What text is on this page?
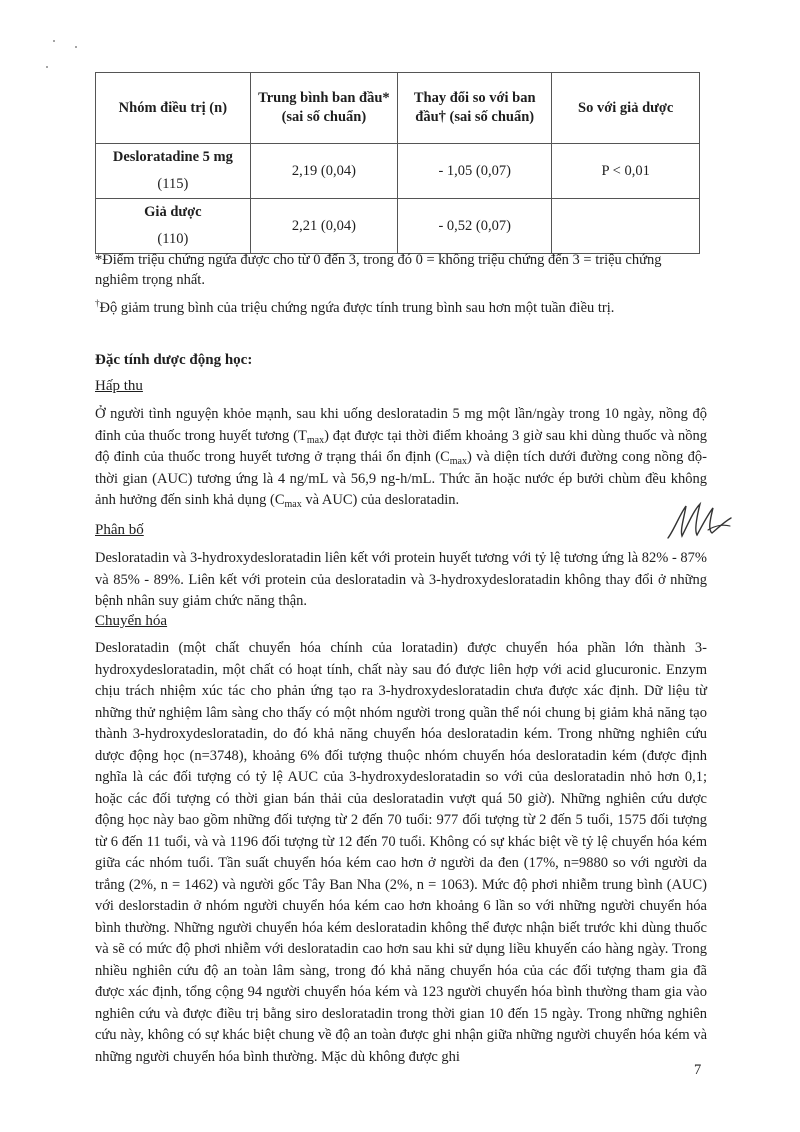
Nhóm điều trị (n)	Trung bình ban đầu* (sai số chuẩn)	Thay đổi so với ban đầu† (sai số chuẩn)	So với giả dược

Desloratadine 5 mg
(115)	2,19 (0,04)	- 1,05 (0,07)	P < 0,01

Giả dược
(110)	2,21 (0,04)	- 0,52 (0,07)	
*Điểm triệu chứng ngứa được cho từ 0 đến 3, trong đó 0 = không triệu chứng đến 3 = triệu chứng nghiêm trọng nhất.
†Độ giảm trung bình của triệu chứng ngứa được tính trung bình sau hơn một tuần điều trị.
Đặc tính dược động học:
Hấp thu
Ở người tình nguyện khỏe mạnh, sau khi uống desloratadin 5 mg một lần/ngày trong 10 ngày, nồng độ đỉnh của thuốc trong huyết tương $(T_{max})$ đạt được tại thời điểm khoảng 3 giờ sau khi dùng thuốc và nồng độ đỉnh của thuốc trong huyết tương ở trạng thái ổn định $(C_{max})$ và diện tích dưới đường cong nồng độ-thời gian (AUC) tương ứng là 4 ng/mL và 56,9 ng-h/mL. Thức ăn hoặc nước ép bưởi chùm đều không ảnh hưởng đến sinh khả dụng ($C_{max}$ và AUC) của desloratadin.
Phân bố
Desloratadin và 3-hydroxydesloratadin liên kết với protein huyết tương với tỷ lệ tương ứng là 82% - 87% và 85% - 89%. Liên kết với protein của desloratadin và 3-hydroxydesloratadin không thay đổi ở những bệnh nhân suy giảm chức năng thận.
Chuyển hóa
Desloratadin (một chất chuyển hóa chính của loratadin) được chuyển hóa phần lớn thành 3-hydroxydesloratadin, một chất có hoạt tính, chất này sau đó được liên hợp với acid glucuronic. Enzym chịu trách nhiệm xúc tác cho phản ứng tạo ra 3-hydroxydesloratadin chưa được xác định. Dữ liệu từ những thử nghiệm lâm sàng cho thấy có một nhóm người trong quần thể nói chung bị giảm khả năng tạo thành 3-hydroxydesloratadin, do đó khả năng chuyển hóa desloratadin kém. Trong những nghiên cứu dược động học (n=3748), khoảng 6% đối tượng thuộc nhóm chuyển hóa desloratadin kém (được định nghĩa là các đối tượng có tỷ lệ AUC của 3-hydroxydesloratadin so với của desloratadin nhỏ hơn 0,1; hoặc các đối tượng có thời gian bán thải của desloratadin vượt quá 50 giờ). Những nghiên cứu dược động học này bao gồm những đối tượng từ 2 đến 70 tuổi: 977 đối tượng từ 2 đến 5 tuổi, 1575 đối tượng từ 6 đến 11 tuổi, và và 1196 đối tượng từ 12 đến 70 tuổi. Không có sự khác biệt về tỷ lệ chuyển hóa kém giữa các nhóm tuổi. Tần suất chuyển hóa kém cao hơn ở người da đen (17%, n=9880 so với người da trắng (2%, n = 1462) và người gốc Tây Ban Nha (2%, n = 1063). Mức độ phơi nhiễm trung bình (AUC) với deslorstadin ở nhóm người chuyển hóa kém cao hơn khoảng 6 lần so với những người chuyển hóa bình thường. Những người chuyển hóa kém desloratadin không thể được nhận biết trước khi dùng thuốc và sẽ có mức độ phơi nhiễm với desloratadin cao hơn sau khi sử dụng liều khuyến cáo hàng ngày. Trong nhiều nghiên cứu độ an toàn lâm sàng, trong đó khả năng chuyển hóa của các đối tượng tham gia đã được xác định, tổng cộng 94 người chuyển hóa kém và 123 người chuyển hóa bình thường tham gia vào nghiên cứu và được điều trị bằng siro desloratadin trong thời gian 10 đến 15 ngày. Trong những nghiên cứu này, không có sự khác biệt chung về độ an toàn được ghi nhận giữa những người chuyển hóa kém và những người chuyển hóa bình thường. Mặc dù không được ghi
7
